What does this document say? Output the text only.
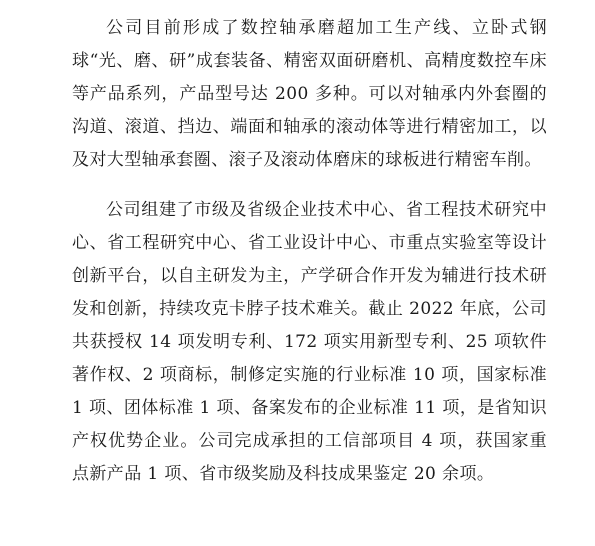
公司目前形成了数控轴承磨超加工生产线、立卧式钢球“光、磨、研”成套装备、精密双面研磨机、高精度数控车床等产品系列，产品型号达 200 多种。可以对轴承内外套圈的沟道、滚道、挡边、端面和轴承的滚动体等进行精密加工，以及对大型轴承套圈、滚子及滚动体磨床的球板进行精密车削。

公司组建了市级及省级企业技术中心、省工程技术研究中心、省工程研究中心、省工业设计中心、市重点实验室等设计创新平台，以自主研发为主，产学研合作开发为辅进行技术研发和创新，持续攻克卡脖子技术难关。截止 2022 年底，公司共获授权 14 项发明专利、172 项实用新型专利、25 项软件著作权、2 项商标，制修定实施的行业标准 10 项，国家标准 1 项、团体标准 1 项、备案发布的企业标准 11 项，是省知识产权优势企业。公司完成承担的工信部项目 4 项，获国家重点新产品 1 项、省市级奖励及科技成果鉴定 20 余项。
